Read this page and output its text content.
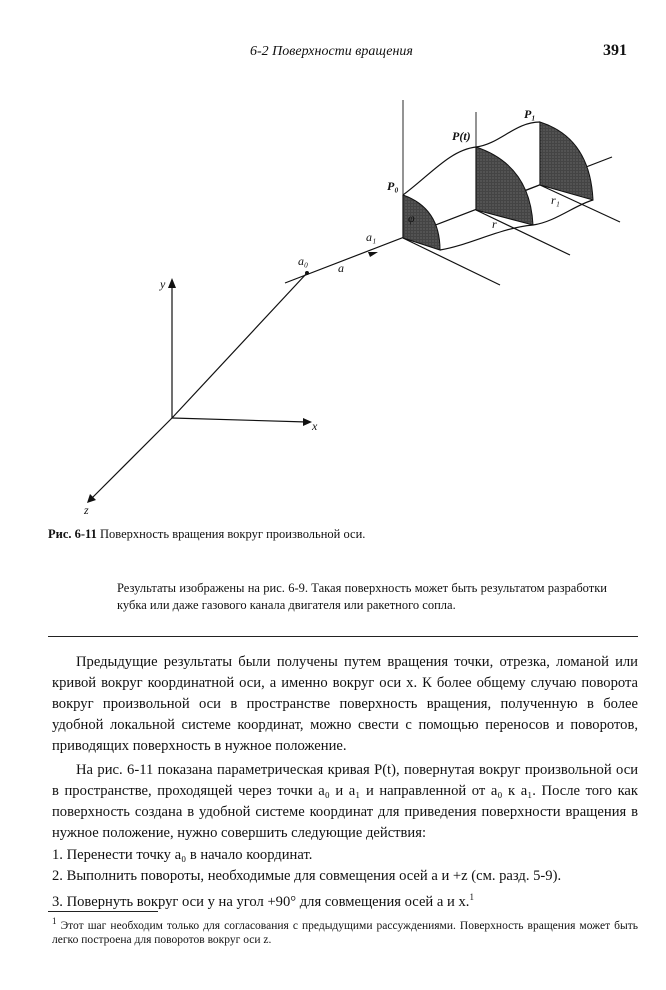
6-2 Поверхности вращения	391
y
x
z
a₀ a
a₁
P₀
P(t)
P₁
r
r₁
φ
Рис. 6-11 Поверхность вращения вокруг произвольной оси.
Результаты изображены на рис. 6-9. Такая поверхность может быть результатом разработки кубка или даже газового канала двигателя или ракетного сопла.

Предыдущие результаты были получены путем вращения точки, отрезка, ломаной или кривой вокруг координатной оси, а именно вокруг оси x. К более общему случаю поворота вокруг произвольной оси в пространстве поверхность вращения, полученную в более удобной локальной системе координат, можно свести с помощью переносов и поворотов, приводящих поверхность в нужное положение.

На рис. 6-11 показана параметрическая кривая P(t), повернутая вокруг произвольной оси в пространстве, проходящей через точки a₀ и a₁ и направленной от a₀ к a₁. После того как поверхность создана в удобной системе координат для приведения поверхности вращения в нужное положение, нужно совершить следующие действия:

1. Перенести точку a₀ в начало координат.
2. Выполнить повороты, необходимые для совмещения осей a и +z (см. разд. 5-9).
3. Повернуть вокруг оси y на угол +90° для совмещения осей a и x.$^1$
$^1$ Этот шаг необходим только для согласования с предыдущими рассуждениями. Поверхность вращения может быть легко построена для поворотов вокруг оси z.
